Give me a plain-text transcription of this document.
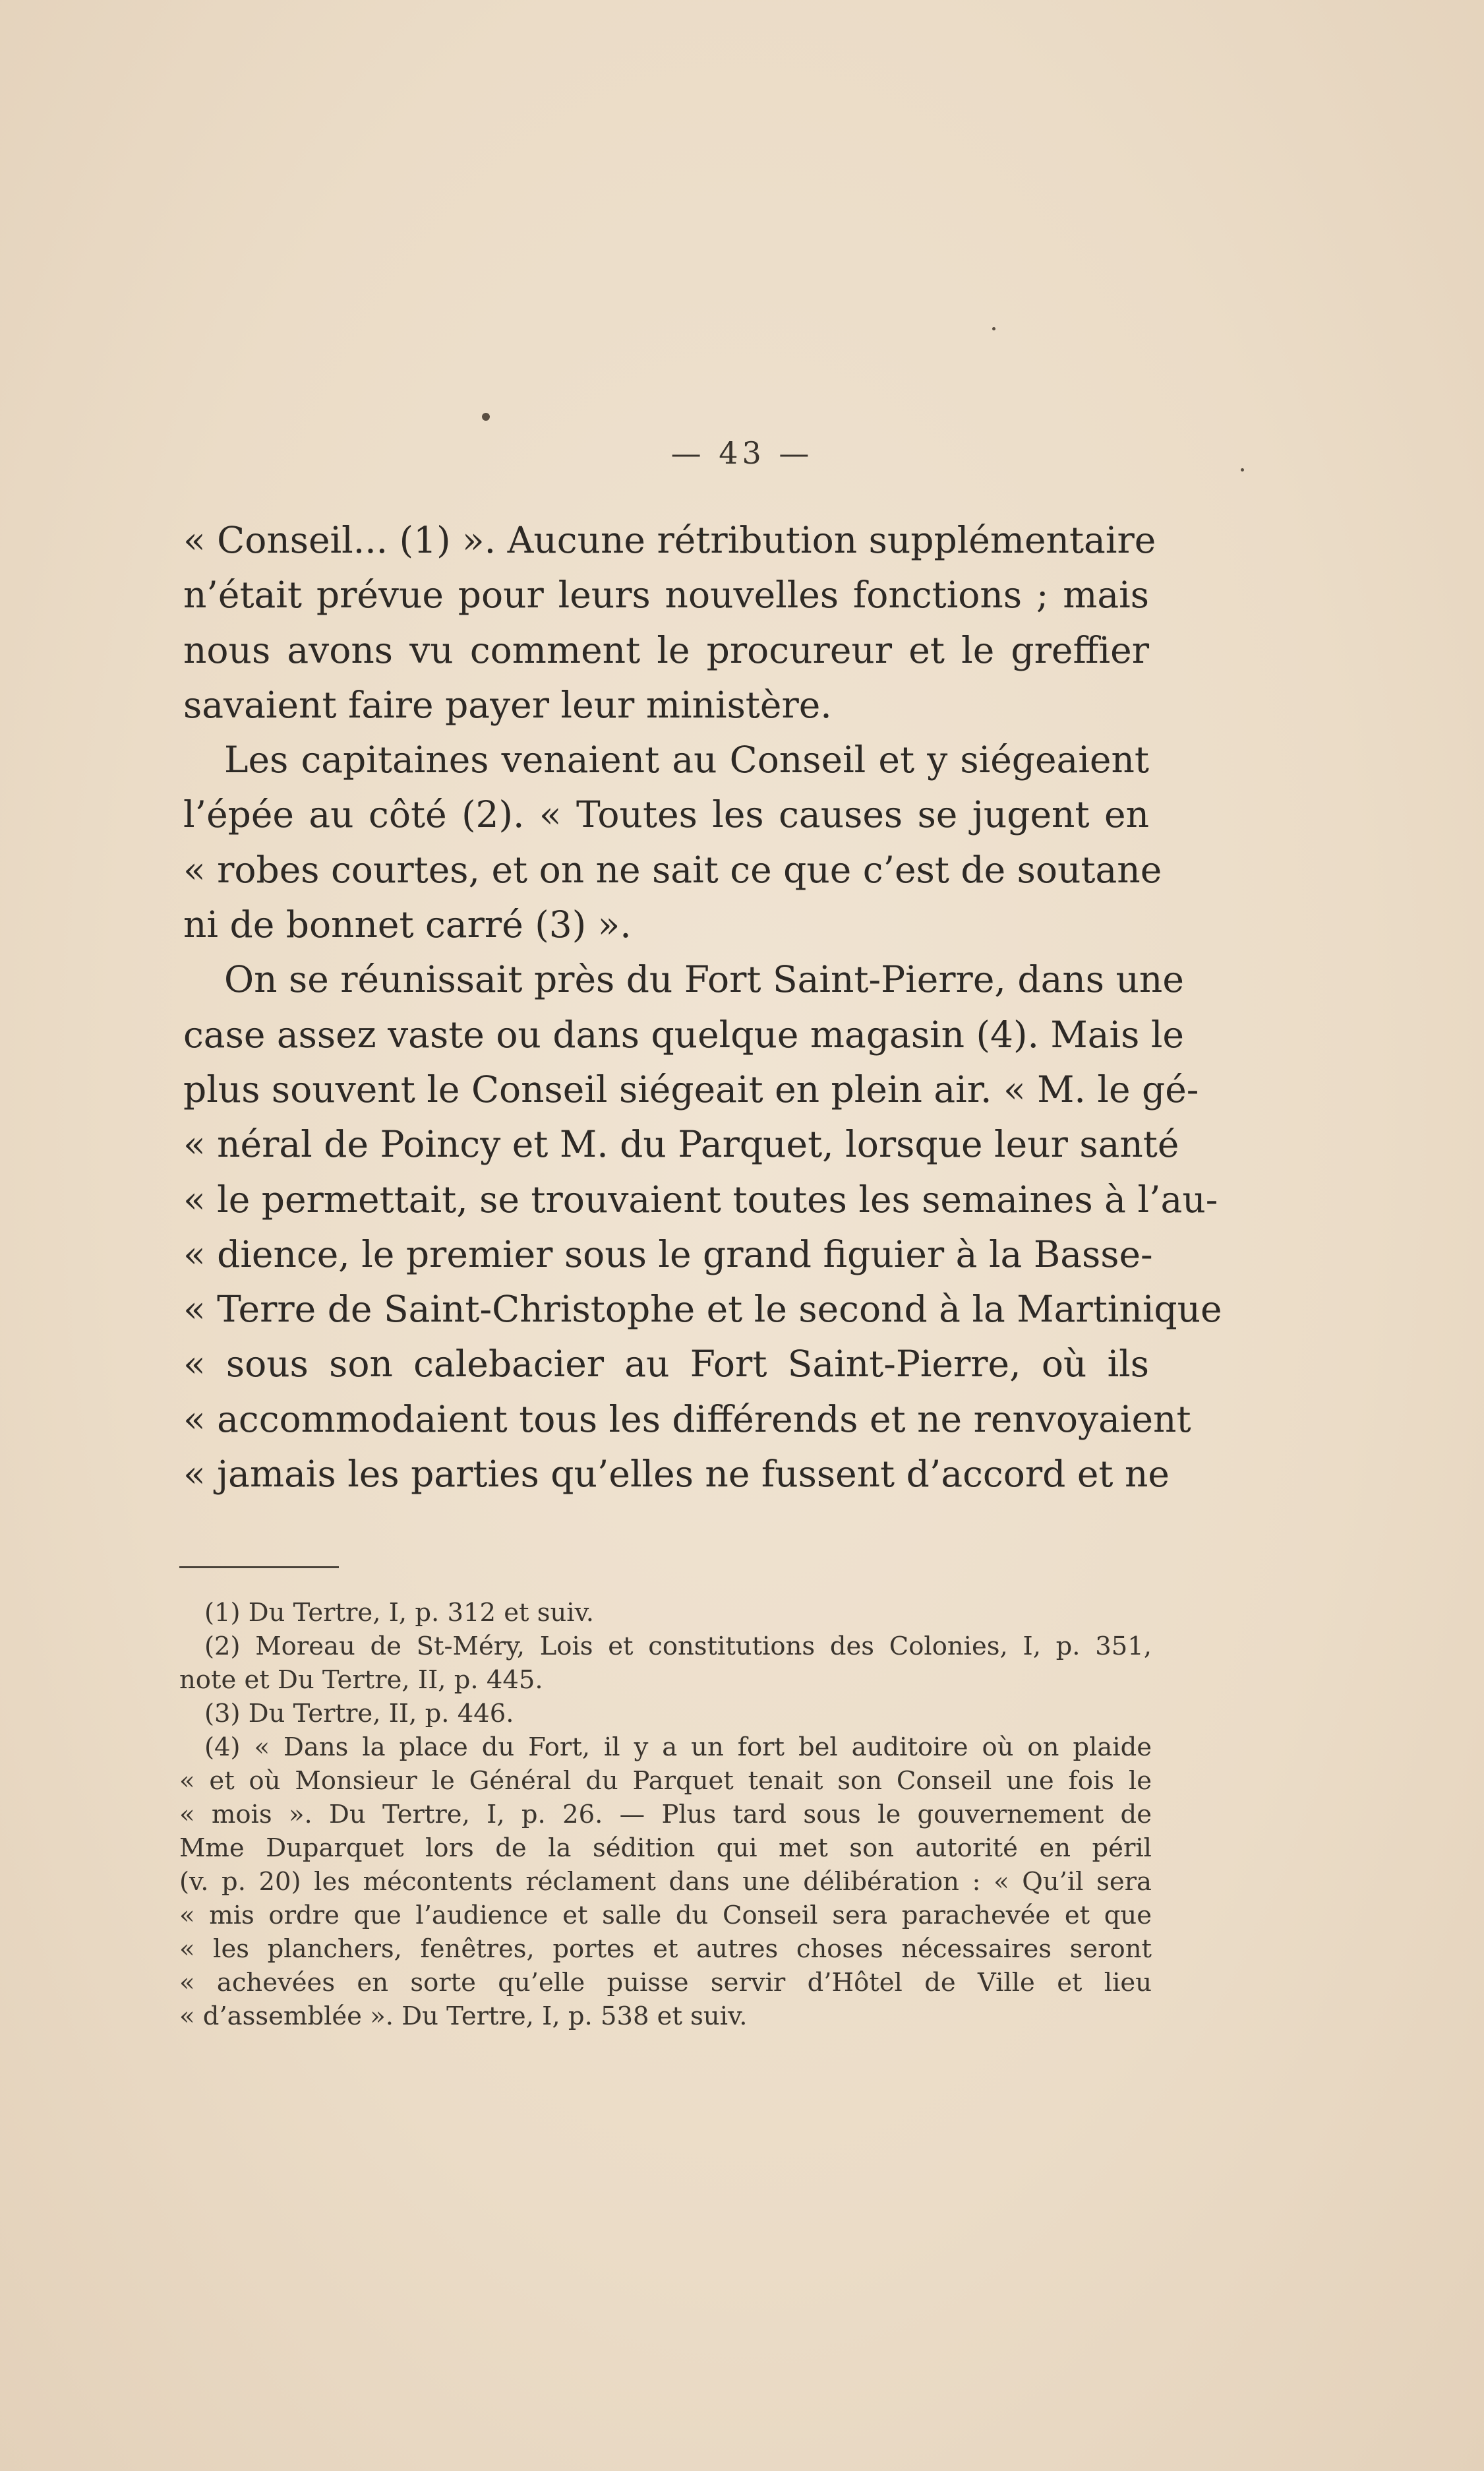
— 43 —
« Conseil... (1) ». Aucune rétribution supplémentaire
n’était prévue pour leurs nouvelles fonctions ; mais
nous avons vu comment le procureur et le greffier
savaient faire payer leur ministère.
Les capitaines venaient au Conseil et y siégeaient
l’épée au côté (2). « Toutes les causes se jugent en
« robes courtes, et on ne sait ce que c’est de soutane
ni de bonnet carré (3) ».
On se réunissait près du Fort Saint-Pierre, dans une
case assez vaste ou dans quelque magasin (4). Mais le
plus souvent le Conseil siégeait en plein air. « M. le gé-
« néral de Poincy et M. du Parquet, lorsque leur santé
« le permettait, se trouvaient toutes les semaines à l’au-
« dience, le premier sous le grand figuier à la Basse-
« Terre de Saint-Christophe et le second à la Martinique
« sous son calebacier au Fort Saint-Pierre, où ils
« accommodaient tous les différends et ne renvoyaient
« jamais les parties qu’elles ne fussent d’accord et ne
(1) Du Tertre, I, p. 312 et suiv.
(2) Moreau de St-Méry, Lois et constitutions des Colonies, I, p. 351,
note et Du Tertre, II, p. 445.
(3) Du Tertre, II, p. 446.
(4) « Dans la place du Fort, il y a un fort bel auditoire où on plaide
« et où Monsieur le Général du Parquet tenait son Conseil une fois le
« mois ». Du Tertre, I, p. 26. — Plus tard sous le gouvernement de
Mme Duparquet lors de la sédition qui met son autorité en péril
(v. p. 20) les mécontents réclament dans une délibération : « Qu’il sera
« mis ordre que l’audience et salle du Conseil sera parachevée et que
« les planchers, fenêtres, portes et autres choses nécessaires seront
« achevées en sorte qu’elle puisse servir d’Hôtel de Ville et lieu
« d’assemblée ». Du Tertre, I, p. 538 et suiv.
